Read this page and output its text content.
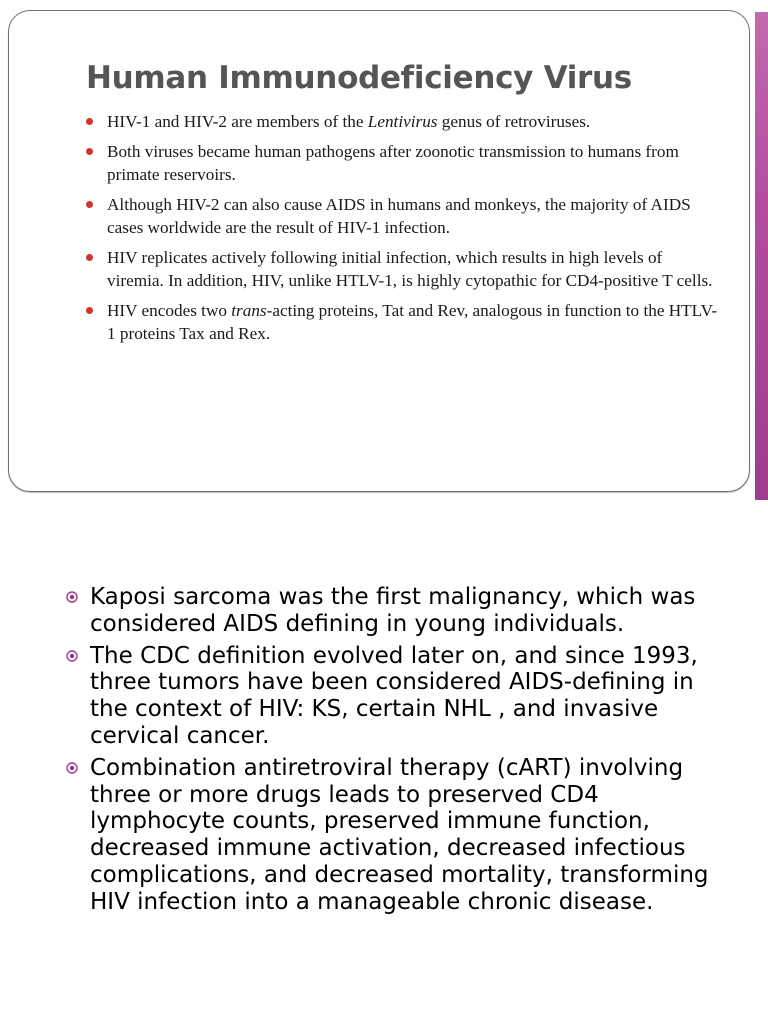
Human Immunodeficiency Virus
HIV-1 and HIV-2 are members of the Lentivirus genus of retroviruses.
Both viruses became human pathogens after zoonotic transmission to humans from primate reservoirs.
Although HIV-2 can also cause AIDS in humans and monkeys, the majority of AIDS cases worldwide are the result of HIV-1 infection.
HIV replicates actively following initial infection, which results in high levels of viremia. In addition, HIV, unlike HTLV-1, is highly cytopathic for CD4-positive T cells.
HIV encodes two trans-acting proteins, Tat and Rev, analogous in function to the HTLV-1 proteins Tax and Rex.
Kaposi sarcoma was the first malignancy, which was considered AIDS defining in young individuals.
The CDC definition evolved later on, and since 1993, three tumors have been considered AIDS-defining in the context of HIV: KS, certain NHL , and invasive cervical cancer.
Combination antiretroviral therapy (cART) involving three or more drugs leads to preserved CD4 lymphocyte counts, preserved immune function, decreased immune activation, decreased infectious complications, and decreased mortality, transforming HIV infection into a manageable chronic disease.
